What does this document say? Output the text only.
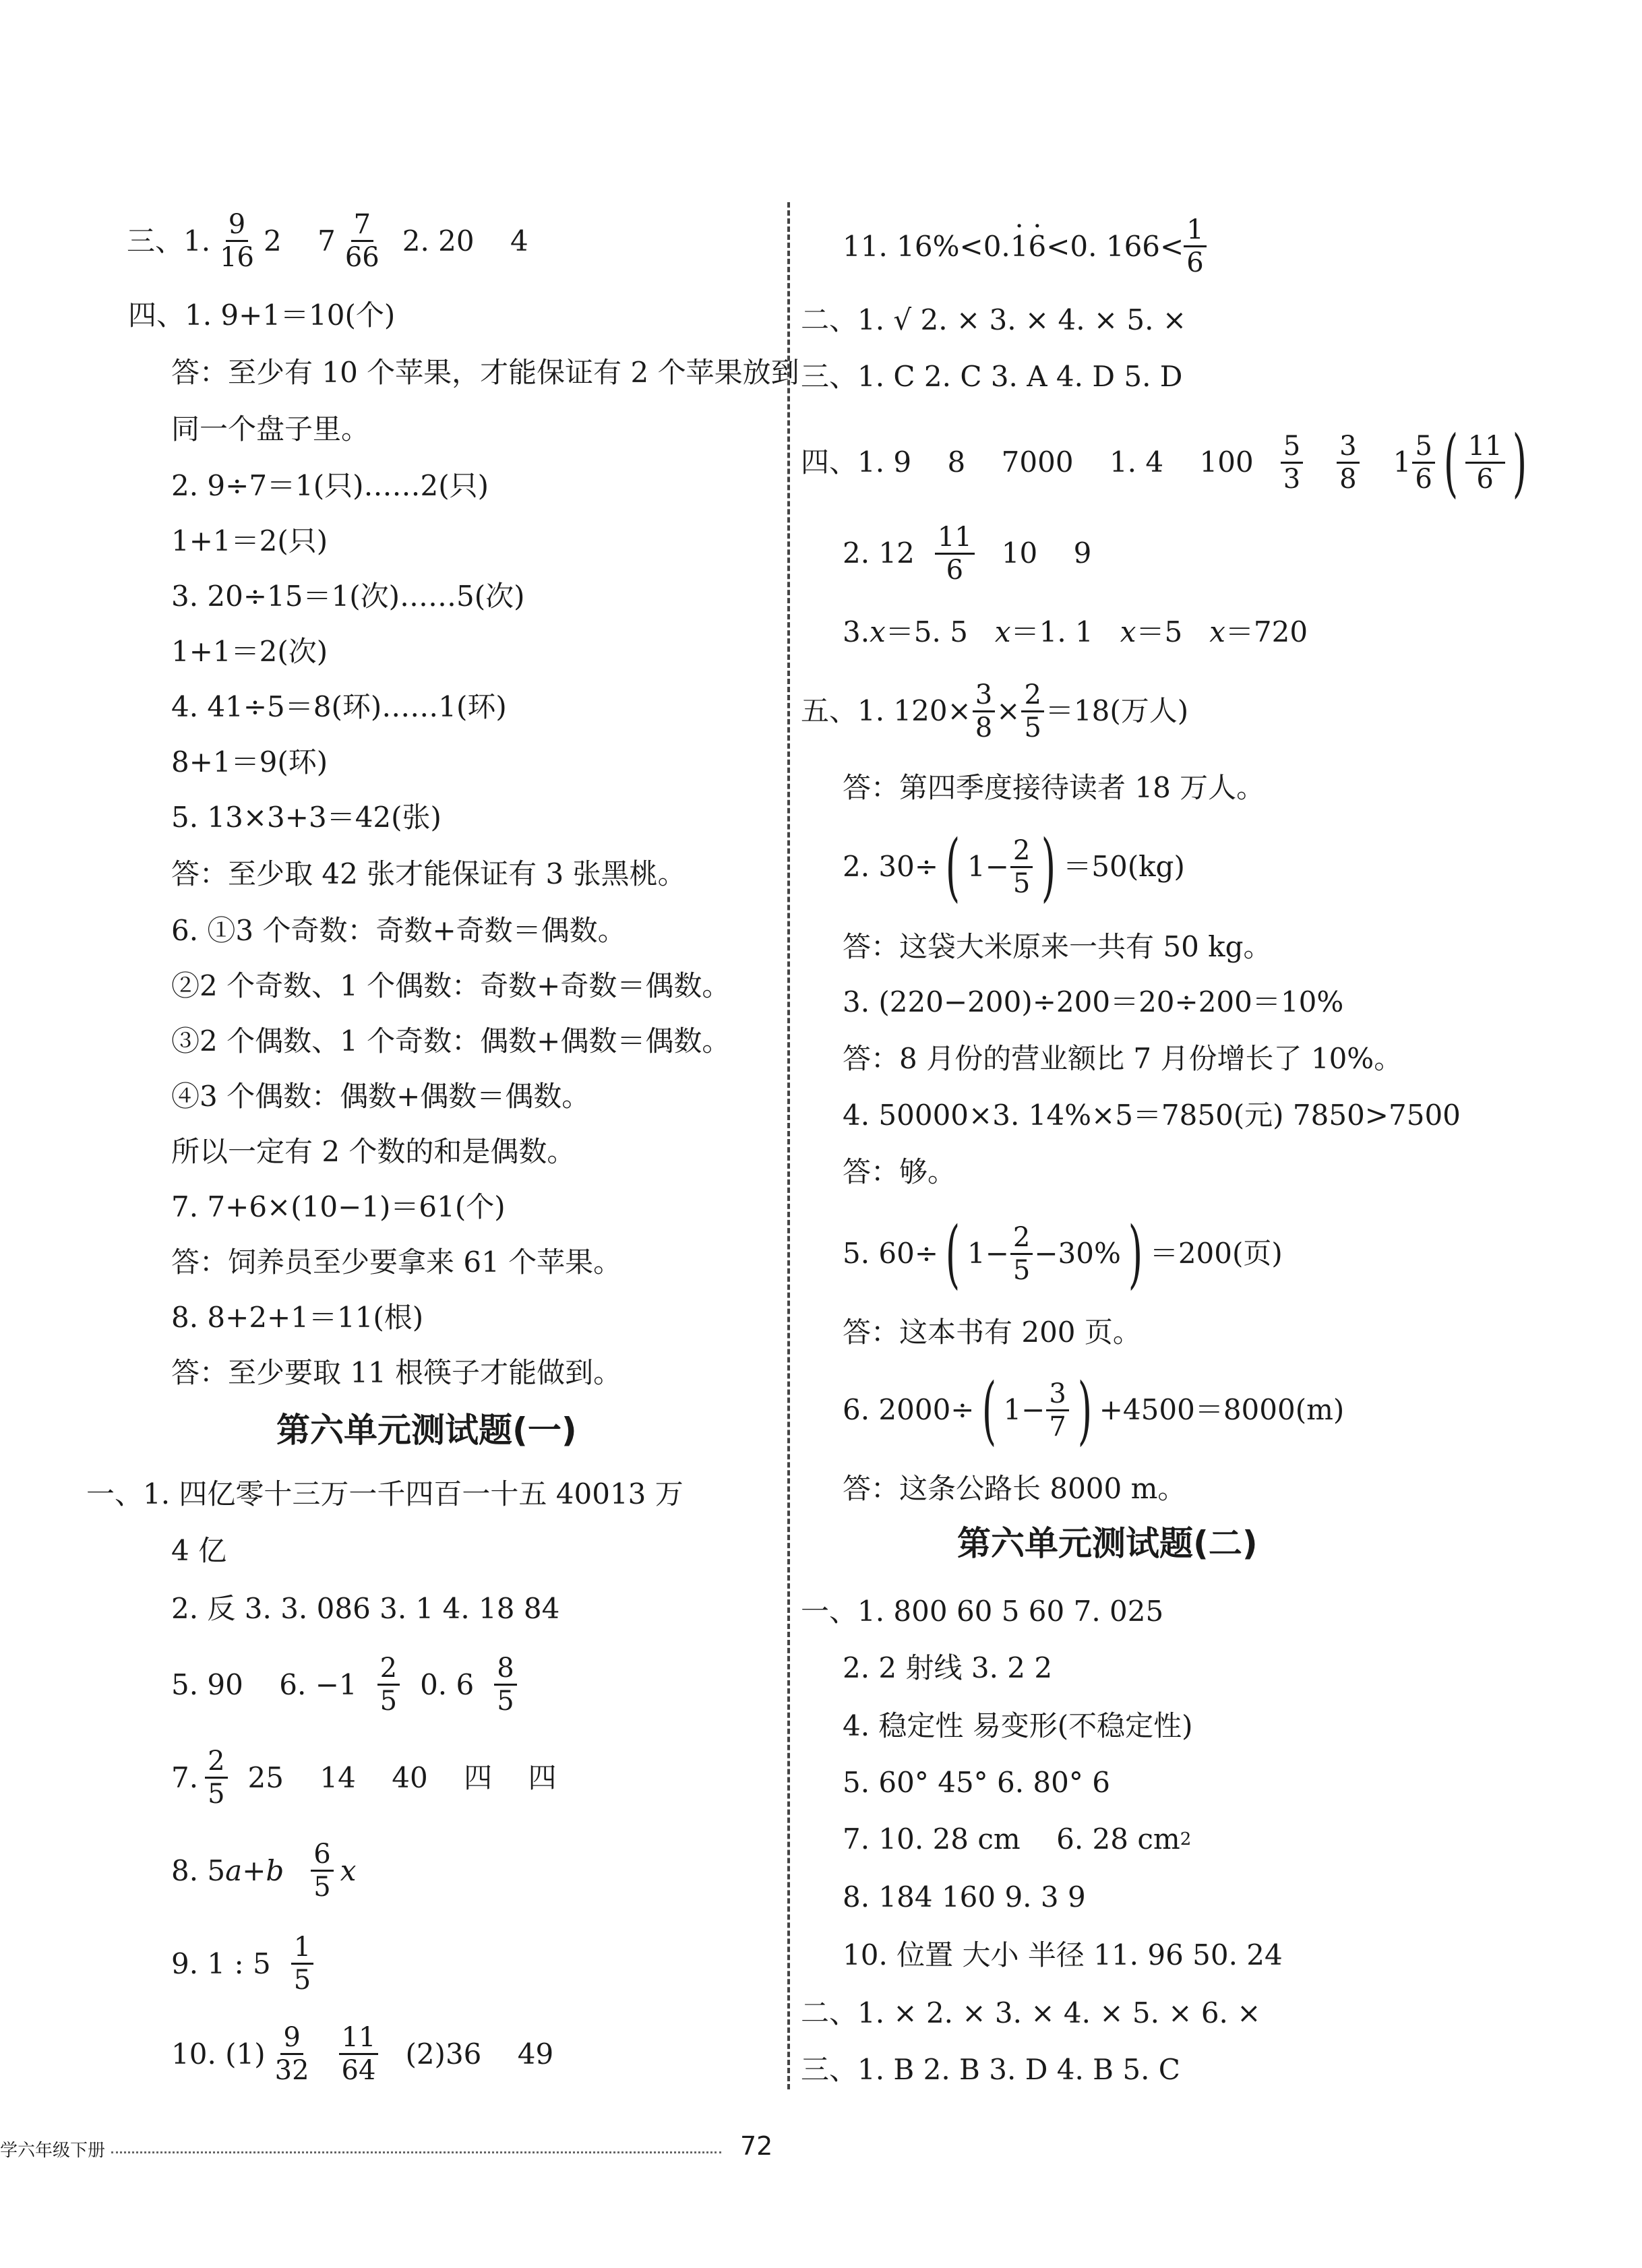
三、1. $\frac{9}{16} 2$    $7 \frac{7}{66} 2$. 20    4
四、1. 9+1＝10(个)
答：至少有 10 个苹果，才能保证有 2 个苹果放到
同一个盘子里。
2. 9÷7＝1(只)……2(只)
1+1＝2(只)
3. 20÷15＝1(次)……5(次)
1+1＝2(次)
4. 41÷5＝8(环)……1(环)
8+1＝9(环)
5. 13×3+3＝42(张)
答：至少取 42 张才能保证有 3 张黑桃。
6. ①3 个奇数：奇数+奇数＝偶数。
②2 个奇数、1 个偶数：奇数+奇数＝偶数。
③2 个偶数、1 个奇数：偶数+偶数＝偶数。
④3 个偶数：偶数+偶数＝偶数。
所以一定有 2 个数的和是偶数。
7. 7+6×(10−1)＝61(个)
答：饲养员至少要拿来 61 个苹果。
8. 8+2+1＝11(根)
答：至少要取 11 根筷子才能做到。
第六单元测试题(一)
一、1. 四亿零十三万一千四百一十五 40013 万
4 亿
2. 反 3. 3. 086 3. 1 4. 18 84
5. 90    6. $-1 \frac{2}{5} 0$. $6 \frac{8}{5}$
7. $\frac{2}{5} 25$    14    40    四    四
8. 5 a + b $\frac{6}{5}$ x
9. 1 : $5 \frac{1}{5}$
10. $(1) \frac{9}{32} \frac{11}{64} (2)36$    49
11. 16%<0. · 1 · 6 <0. $166< \frac{1}{6}$
二、1. √ 2. × 3. × 4. × 5. ×
三、1. C 2. C 3. A 4. D 5. D
四、1. 9    8    7000    1. 4    $100 \frac{5}{3} \frac{3}{8} 1 \frac{5}{6}$ ( $\frac{11}{6}$ )
2. $12 \frac{11}{6} 10$    9
3. x ＝5. 5 x ＝1. 1 x ＝5 x ＝720
五、1. $120\times \frac{3}{8} \times \frac{2}{5} =18$(万人)
答：第四季度接待读者 18 万人。
2. 30÷ ( $1- \frac{2}{5}$ ) ＝50(kg)
答：这袋大米原来一共有 50 kg。
3. (220−200)÷200＝20÷200＝10%
答：8 月份的营业额比 7 月份增长了 10%。
4. 50000×3. 14%×5＝7850(元) 7850>7500
答：够。
5. 60÷ ( $1- \frac{2}{5} -30\%$ ) ＝200(页)
答：这本书有 200 页。
6. 2000÷ ( $1- \frac{3}{7}$ ) +4500＝8000(m)
答：这条公路长 8000 m。
第六单元测试题(二)
一、1. 800 60 5 60 7. 025
2. 2 射线 3. 2 2
4. 稳定性 易变形(不稳定性)
5. 60° 45° 6. 80° 6
7. 10. 28 cm    6. 28 cm 2
8. 184 160 9. 3 9
10. 位置 大小 半径 11. 96 50. 24
二、1. × 2. × 3. × 4. × 5. × 6. ×
三、1. B 2. B 3. D 4. B 5. C
学六年级下册	72
